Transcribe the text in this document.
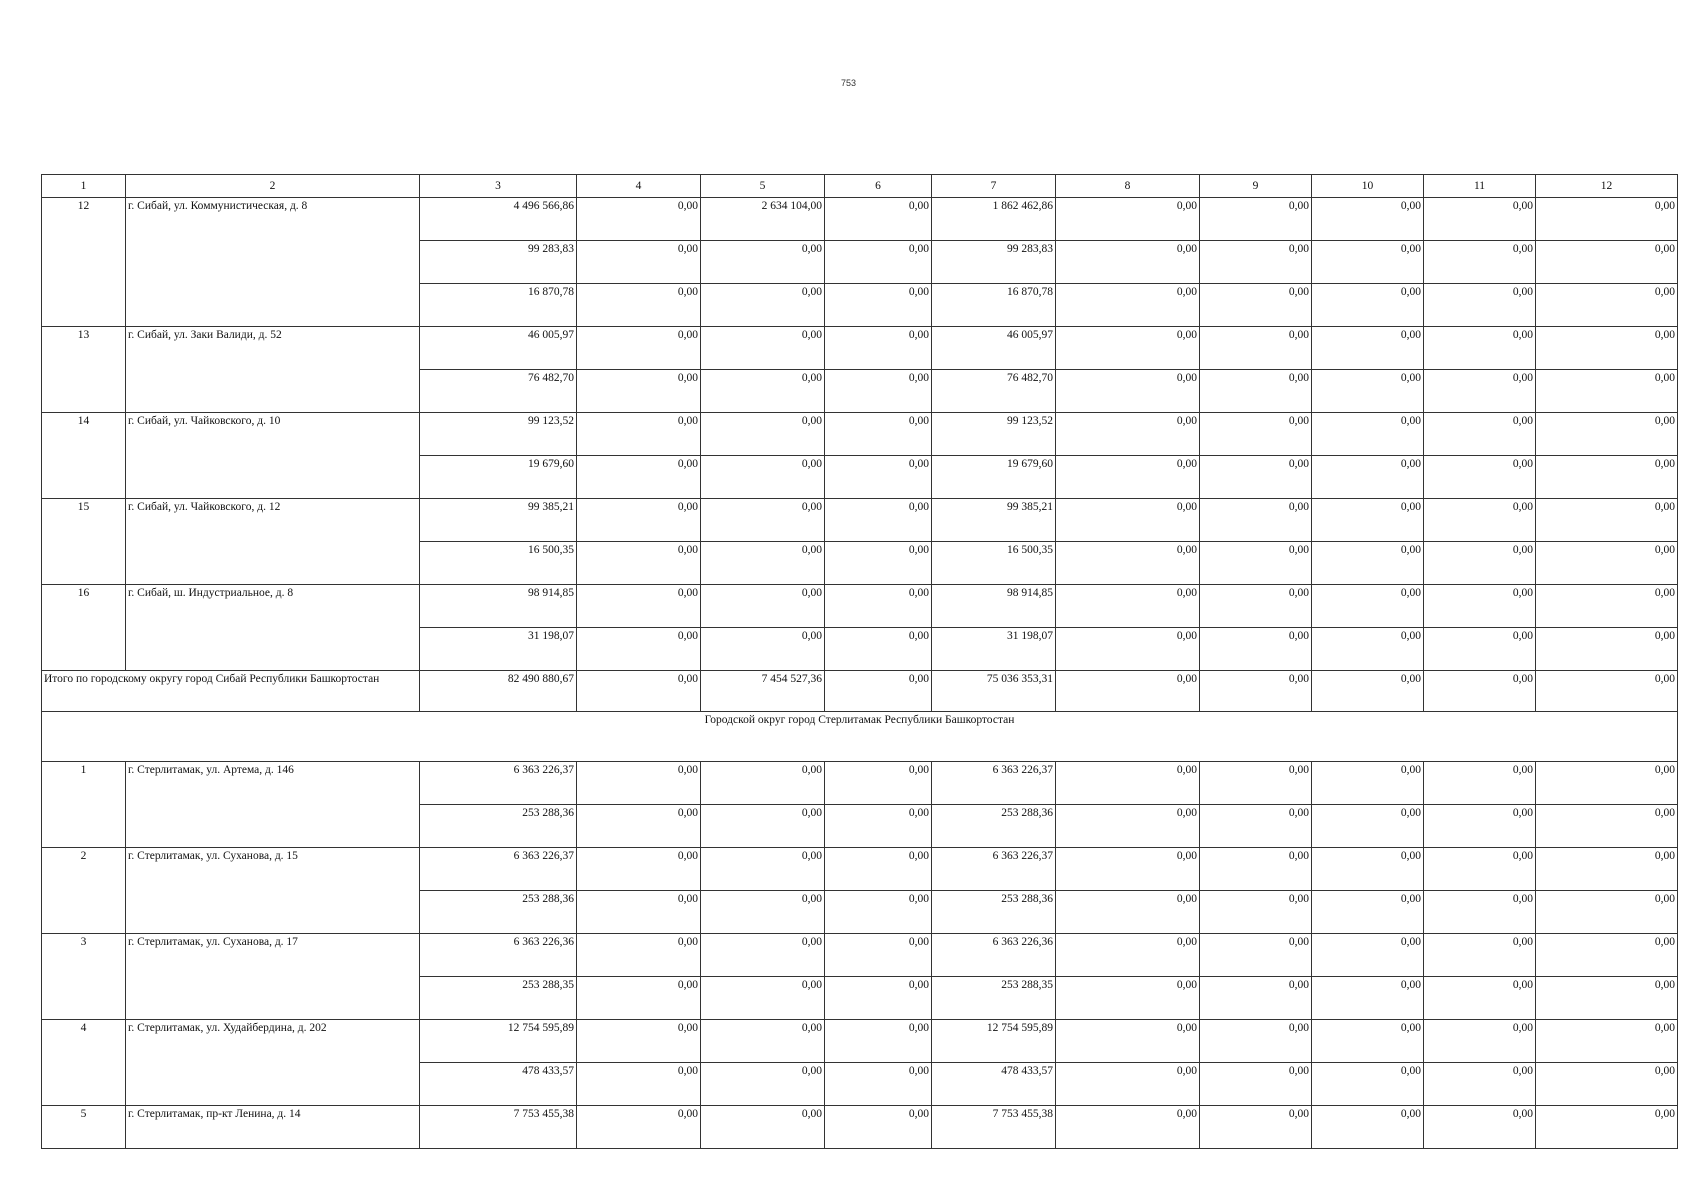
753
1	2	3	4	5	6	7	8	9	10	11	12
12	г. Сибай, ул. Коммунистическая, д. 8	4 496 566,86	0,00	2 634 104,00	0,00	1 862 462,86	0,00	0,00	0,00	0,00	0,00
		99 283,83	0,00	0,00	0,00	99 283,83	0,00	0,00	0,00	0,00	0,00
		16 870,78	0,00	0,00	0,00	16 870,78	0,00	0,00	0,00	0,00	0,00
13	г. Сибай, ул. Заки Валиди, д. 52	46 005,97	0,00	0,00	0,00	46 005,97	0,00	0,00	0,00	0,00	0,00
		76 482,70	0,00	0,00	0,00	76 482,70	0,00	0,00	0,00	0,00	0,00
14	г. Сибай, ул. Чайковского, д. 10	99 123,52	0,00	0,00	0,00	99 123,52	0,00	0,00	0,00	0,00	0,00
		19 679,60	0,00	0,00	0,00	19 679,60	0,00	0,00	0,00	0,00	0,00
15	г. Сибай, ул. Чайковского, д. 12	99 385,21	0,00	0,00	0,00	99 385,21	0,00	0,00	0,00	0,00	0,00
		16 500,35	0,00	0,00	0,00	16 500,35	0,00	0,00	0,00	0,00	0,00
16	г. Сибай, ш. Индустриальное, д. 8	98 914,85	0,00	0,00	0,00	98 914,85	0,00	0,00	0,00	0,00	0,00
		31 198,07	0,00	0,00	0,00	31 198,07	0,00	0,00	0,00	0,00	0,00
Итого по городскому округу город Сибай Республики Башкортостан		82 490 880,67	0,00	7 454 527,36	0,00	75 036 353,31	0,00	0,00	0,00	0,00	0,00
Городской округ город Стерлитамак Республики Башкортостан											
1	г. Стерлитамак, ул. Артема, д. 146	6 363 226,37	0,00	0,00	0,00	6 363 226,37	0,00	0,00	0,00	0,00	0,00
		253 288,36	0,00	0,00	0,00	253 288,36	0,00	0,00	0,00	0,00	0,00
2	г. Стерлитамак, ул. Суханова, д. 15	6 363 226,37	0,00	0,00	0,00	6 363 226,37	0,00	0,00	0,00	0,00	0,00
		253 288,36	0,00	0,00	0,00	253 288,36	0,00	0,00	0,00	0,00	0,00
3	г. Стерлитамак, ул. Суханова, д. 17	6 363 226,36	0,00	0,00	0,00	6 363 226,36	0,00	0,00	0,00	0,00	0,00
		253 288,35	0,00	0,00	0,00	253 288,35	0,00	0,00	0,00	0,00	0,00
4	г. Стерлитамак, ул. Худайбердина, д. 202	12 754 595,89	0,00	0,00	0,00	12 754 595,89	0,00	0,00	0,00	0,00	0,00
		478 433,57	0,00	0,00	0,00	478 433,57	0,00	0,00	0,00	0,00	0,00
5	г. Стерлитамак, пр-кт Ленина, д. 14	7 753 455,38	0,00	0,00	0,00	7 753 455,38	0,00	0,00	0,00	0,00	0,00
